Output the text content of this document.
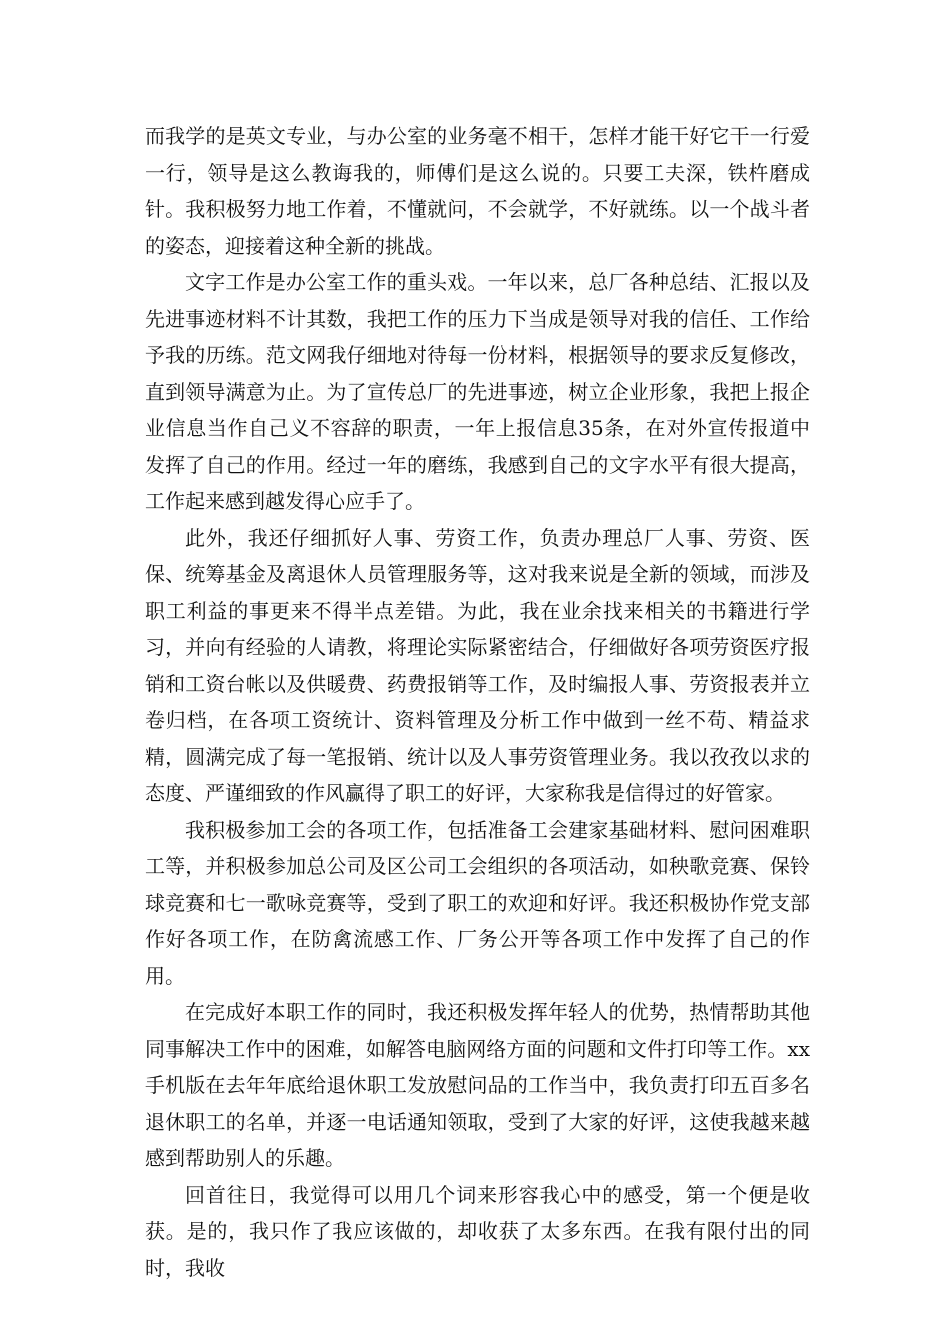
而我学的是英文专业，与办公室的业务毫不相干，怎样才能干好它干一行爱一行，领导是这么教诲我的，师傅们是这么说的。只要工夫深，铁杵磨成针。我积极努力地工作着，不懂就问，不会就学，不好就练。以一个战斗者的姿态，迎接着这种全新的挑战。

文字工作是办公室工作的重头戏。一年以来，总厂各种总结、汇报以及先进事迹材料不计其数，我把工作的压力下当成是领导对我的信任、工作给予我的历练。范文网我仔细地对待每一份材料，根据领导的要求反复修改，直到领导满意为止。为了宣传总厂的先进事迹，树立企业形象，我把上报企业信息当作自己义不容辞的职责，一年上报信息35条，在对外宣传报道中发挥了自己的作用。经过一年的磨练，我感到自己的文字水平有很大提高，工作起来感到越发得心应手了。

此外，我还仔细抓好人事、劳资工作，负责办理总厂人事、劳资、医保、统筹基金及离退休人员管理服务等，这对我来说是全新的领域，而涉及职工利益的事更来不得半点差错。为此，我在业余找来相关的书籍进行学习，并向有经验的人请教，将理论实际紧密结合，仔细做好各项劳资医疗报销和工资台帐以及供暖费、药费报销等工作，及时编报人事、劳资报表并立卷归档，在各项工资统计、资料管理及分析工作中做到一丝不苟、精益求精，圆满完成了每一笔报销、统计以及人事劳资管理业务。我以孜孜以求的态度、严谨细致的作风赢得了职工的好评，大家称我是信得过的好管家。

我积极参加工会的各项工作，包括准备工会建家基础材料、慰问困难职工等，并积极参加总公司及区公司工会组织的各项活动，如秧歌竞赛、保铃球竞赛和七一歌咏竞赛等，受到了职工的欢迎和好评。我还积极协作党支部作好各项工作，在防禽流感工作、厂务公开等各项工作中发挥了自己的作用。

在完成好本职工作的同时，我还积极发挥年轻人的优势，热情帮助其他同事解决工作中的困难，如解答电脑网络方面的问题和文件打印等工作。xx手机版在去年年底给退休职工发放慰问品的工作当中，我负责打印五百多名退休职工的名单，并逐一电话通知领取，受到了大家的好评，这使我越来越感到帮助别人的乐趣。

回首往日，我觉得可以用几个词来形容我心中的感受，第一个便是收获。是的，我只作了我应该做的，却收获了太多东西。在我有限付出的同时，我收
